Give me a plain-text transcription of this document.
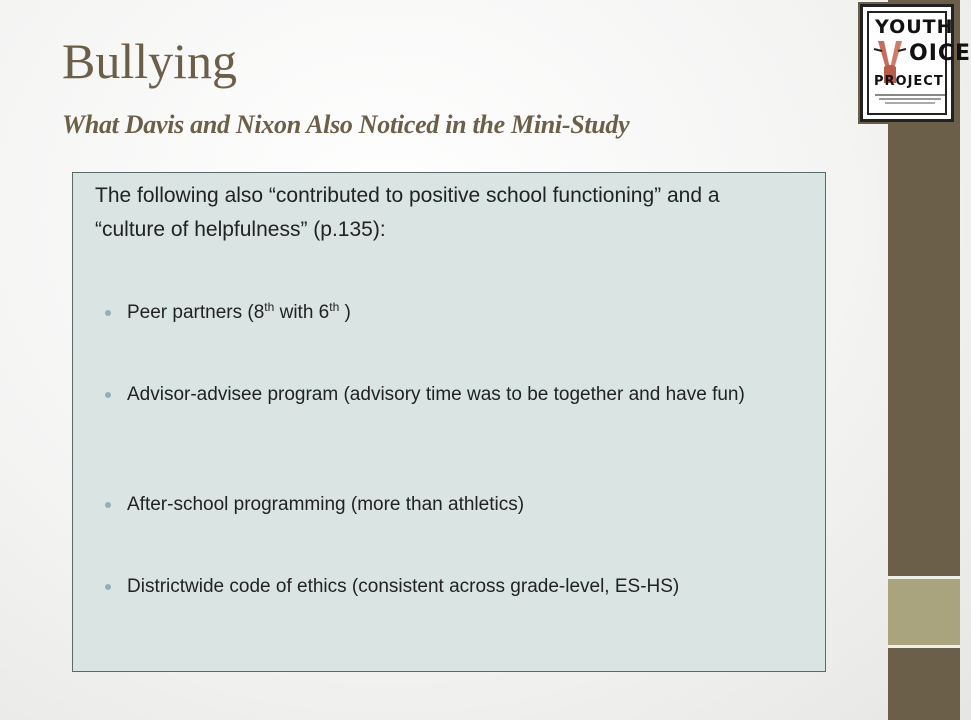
YOUTH
OICE
PROJECT
Bullying
What Davis and Nixon Also Noticed in the Mini-Study

The following also “contributed to positive school functioning” and a “culture of helpfulness” (p.135):

Peer partners (8th with 6th )
Advisor-advisee program (advisory time was to be together and have fun)
After-school programming (more than athletics)
Districtwide code of ethics (consistent across grade-level, ES-HS)
